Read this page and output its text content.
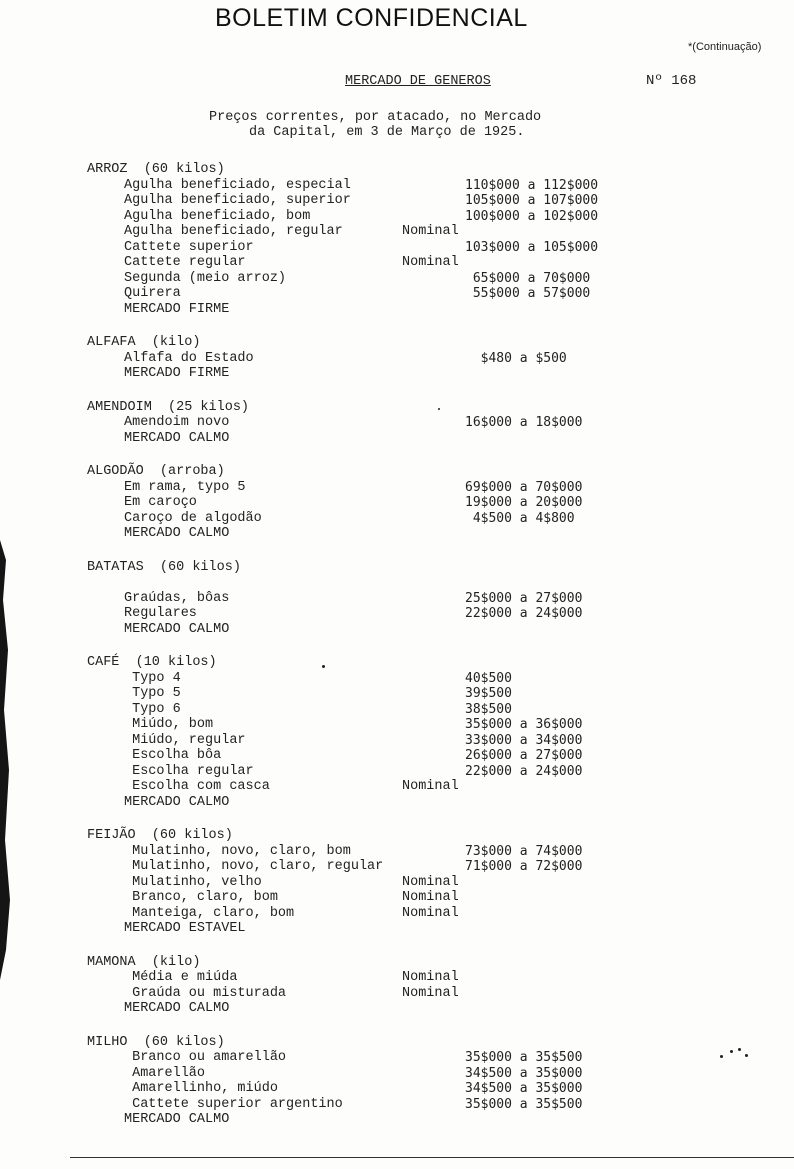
BOLETIM CONFIDENCIAL
*(Continuação)
MERCADO DE GENEROS	Nº 168
Preços correntes, por atacado, no Mercado
da Capital, em 3 de Março de 1925.
ARROZ  (60 kilos)
Agulha beneficiado, especial	110$000 a 112$000
Agulha beneficiado, superior	105$000 a 107$000
Agulha beneficiado, bom	100$000 a 102$000
Agulha beneficiado, regular	Nominal
Cattete superior	103$000 a 105$000
Cattete regular	Nominal
Segunda (meio arroz)	65$000 a 70$000
Quirera	55$000 a 57$000
MERCADO FIRME
ALFAFA  (kilo)
Alfafa do Estado	$480 a $500
MERCADO FIRME
AMENDOIM  (25 kilos)
Amendoim novo	16$000 a 18$000
MERCADO CALMO
ALGODÃO  (arroba)
Em rama, typo 5	69$000 a 70$000
Em caroço	19$000 a 20$000
Caroço de algodão	4$500 a 4$800
MERCADO CALMO
BATATAS  (60 kilos)
Graúdas, bôas	25$000 a 27$000
Regulares	22$000 a 24$000
MERCADO CALMO
CAFÉ  (10 kilos)
Typo 4	40$500
Typo 5	39$500
Typo 6	38$500
Miúdo, bom	35$000 a 36$000
Miúdo, regular	33$000 a 34$000
Escolha bôa	26$000 a 27$000
Escolha regular	22$000 a 24$000
Escolha com casca	Nominal
MERCADO CALMO
FEIJÃO  (60 kilos)
Mulatinho, novo, claro, bom	73$000 a 74$000
Mulatinho, novo, claro, regular	71$000 a 72$000
Mulatinho, velho	Nominal
Branco, claro, bom	Nominal
Manteiga, claro, bom	Nominal
MERCADO ESTAVEL
MAMONA  (kilo)
Média e miúda	Nominal
Graúda ou misturada	Nominal
MERCADO CALMO
MILHO  (60 kilos)
Branco ou amarellão	35$000 a 35$500
Amarellão	34$500 a 35$000
Amarellinho, miúdo	34$500 a 35$000
Cattete superior argentino	35$000 a 35$500
MERCADO CALMO
